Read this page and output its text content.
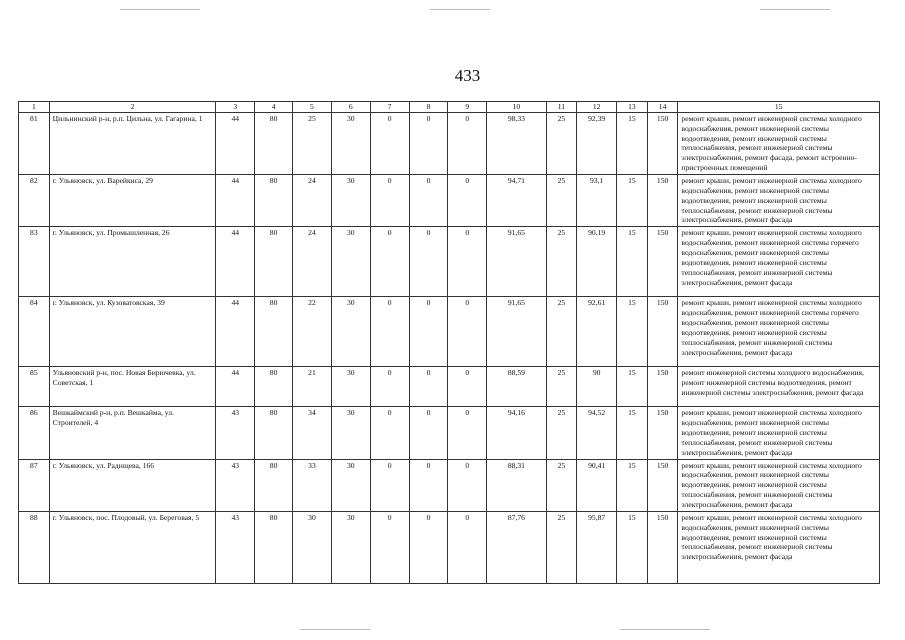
433
1	2	3	4	5	6	7	8	9	10	11	12	13	14	15
81	Цильнинский р-н, р.п. Цильна, ул. Гагарина, 1	44	80	25	30	0	0	0	98,33	25	92,39	15	150	ремонт крыши, ремонт инженерной системы холодного водоснабжения, ремонт инженерной системы водоотведения, ремонт инженерной системы теплоснабжения, ремонт инженерной системы электроснабжения, ремонт фасада, ремонт встроенно-пристроенных помещений
82	г. Ульяновск, ул. Варейкиса, 29	44	80	24	30	0	0	0	94,71	25	93,1	15	150	ремонт крыши, ремонт инженерной системы холодного водоснабжения, ремонт инженерной системы водоотведения, ремонт инженерной системы теплоснабжения, ремонт инженерной системы электроснабжения, ремонт фасада
83	г. Ульяновск, ул. Промышленная, 26	44	80	24	30	0	0	0	91,65	25	90,19	15	150	ремонт крыши, ремонт инженерной системы холодного водоснабжения, ремонт инженерной системы горячего водоснабжения, ремонт инженерной системы водоотведения, ремонт инженерной системы теплоснабжения, ремонт инженерной системы электроснабжения, ремонт фасада
84	г. Ульяновск, ул. Кузоватовская, 39	44	80	22	30	0	0	0	91,65	25	92,61	15	150	ремонт крыши, ремонт инженерной системы холодного водоснабжения, ремонт инженерной системы горячего водоснабжения, ремонт инженерной системы водоотведения, ремонт инженерной системы теплоснабжения, ремонт инженерной системы электроснабжения, ремонт фасада
85	Ульяновский р-н, пос. Новая Бирючевка, ул. Советская, 1	44	80	21	30	0	0	0	88,59	25	90	15	150	ремонт инженерной системы холодного водоснабжения, ремонт инженерной системы водоотведения, ремонт инженерной системы электроснабжения, ремонт фасада
86	Вешкаймский р-н, р.п. Вешкайма, ул. Строителей, 4	43	80	34	30	0	0	0	94,16	25	94,52	15	150	ремонт крыши, ремонт инженерной системы холодного водоснабжения, ремонт инженерной системы водоотведения, ремонт инженерной системы теплоснабжения, ремонт инженерной системы электроснабжения, ремонт фасада
87	г. Ульяновск, ул. Радищева, 166	43	80	33	30	0	0	0	88,31	25	90,41	15	150	ремонт крыши, ремонт инженерной системы холодного водоснабжения, ремонт инженерной системы водоотведения, ремонт инженерной системы теплоснабжения, ремонт инженерной системы электроснабжения, ремонт фасада
88	г. Ульяновск, пос. Плодовый, ул. Береговая, 5	43	80	30	30	0	0	0	87,76	25	95,87	15	150	ремонт крыши, ремонт инженерной системы холодного водоснабжения, ремонт инженерной системы водоотведения, ремонт инженерной системы теплоснабжения, ремонт инженерной системы электроснабжения, ремонт фасада
